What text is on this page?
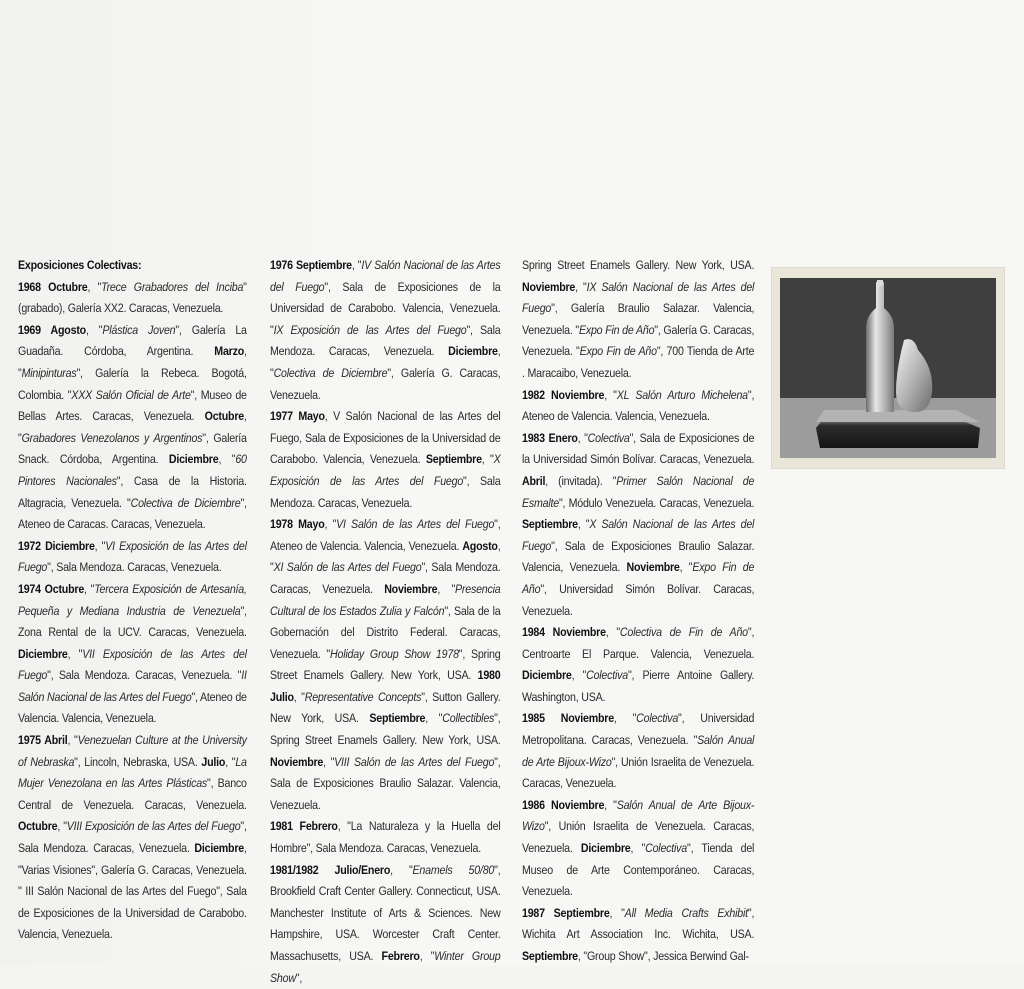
Exposiciones Colectivas:

1968 Octubre, "Trece Grabadores del Inciba" (grabado), Galería XX2. Caracas, Venezuela.
1969 Agosto, "Plástica Joven", Galería La Guadaña. Córdoba, Argentina. Marzo, "Minipinturas", Galería la Rebeca. Bogotá, Colombia. "XXX Salón Oficial de Arte", Museo de Bellas Artes. Caracas, Venezuela. Octubre, "Grabadores Venezolanos y Argentinos", Galería Snack. Córdoba, Argentina. Diciembre, "60 Pintores Nacionales", Casa de la Historia. Altagracia, Venezuela. "Colectiva de Diciembre", Ateneo de Caracas. Caracas, Venezuela.
1972 Diciembre, "VI Exposición de las Artes del Fuego", Sala Mendoza. Caracas, Venezuela.
1974 Octubre, "Tercera Exposición de Artesanía, Pequeña y Mediana Industria de Venezuela", Zona Rental de la UCV. Caracas, Venezuela. Diciembre, "VII Exposición de las Artes del Fuego", Sala Mendoza. Caracas, Venezuela. "II Salón Nacional de las Artes del Fuego", Ateneo de Valencia. Valencia, Venezuela.
1975 Abril, "Venezuelan Culture at the University of Nebraska", Lincoln, Nebraska, USA. Julio, "La Mujer Venezolana en las Artes Plásticas", Banco Central de Venezuela. Caracas, Venezuela. Octubre, "VIII Exposición de las Artes del Fuego", Sala Mendoza. Caracas, Venezuela. Diciembre, "Varias Visiones", Galería G. Caracas, Venezuela. " III Salón Nacional de las Artes del Fuego", Sala de Exposiciones de la Universidad de Carabobo. Valencia, Venezuela.

1976 Septiembre, "IV Salón Nacional de las Artes del Fuego", Sala de Exposiciones de la Universidad de Carabobo. Valencia, Venezuela. "IX Exposición de las Artes del Fuego", Sala Mendoza. Caracas, Venezuela. Diciembre, "Colectiva de Diciembre", Galería G. Caracas, Venezuela.
1977 Mayo, V Salón Nacional de las Artes del Fuego, Sala de Exposiciones de la Universidad de Carabobo. Valencia, Venezuela. Septiembre, "X Exposición de las Artes del Fuego", Sala Mendoza. Caracas, Venezuela.
1978 Mayo, "VI Salón de las Artes del Fuego", Ateneo de Valencia. Valencia, Venezuela. Agosto, "XI Salón de las Artes del Fuego", Sala Mendoza. Caracas, Venezuela. Noviembre, "Presencia Cultural de los Estados Zulia y Falcón", Sala de la Gobernación del Distrito Federal. Caracas, Venezuela. "Holiday Group Show 1978", Spring Street Enamels Gallery. New York, USA. 1980 Julio, "Representative Concepts", Sutton Gallery. New York, USA. Septiembre, "Collectibles", Spring Street Enamels Gallery. New York, USA. Noviembre, "VIII Salón de las Artes del Fuego", Sala de Exposiciones Braulio Salazar. Valencia, Venezuela.
1981 Febrero, "La Naturaleza y la Huella del Hombre", Sala Mendoza. Caracas, Venezuela.
1981/1982 Julio/Enero, "Enamels 50/80", Brookfield Craft Center Gallery. Connecticut, USA. Manchester Institute of Arts & Sciences. New Hampshire, USA. Worcester Craft Center. Massachusetts, USA. Febrero, "Winter Group Show",

Spring Street Enamels Gallery. New York, USA. Noviembre, "IX Salón Nacional de las Artes del Fuego", Galería Braulio Salazar. Valencia, Venezuela. "Expo Fin de Año", Galería G. Caracas, Venezuela. "Expo Fin de Año", 700 Tienda de Arte . Maracaibo, Venezuela.
1982 Noviembre, "XL Salón Arturo Michelena", Ateneo de Valencia. Valencia, Venezuela.
1983 Enero, "Colectiva", Sala de Exposiciones de la Universidad Simón Bolívar. Caracas, Venezuela. Abril, (invitada). "Primer Salón Nacional de Esmalte", Módulo Venezuela. Caracas, Venezuela. Septiembre, "X Salón Nacional de las Artes del Fuego", Sala de Exposiciones Braulio Salazar. Valencia, Venezuela. Noviembre, "Expo Fin de Año", Universidad Simón Bolívar. Caracas, Venezuela.
1984 Noviembre, "Colectiva de Fin de Año", Centroarte El Parque. Valencia, Venezuela. Diciembre, "Colectiva", Pierre Antoine Gallery. Washington, USA.
1985 Noviembre, "Colectiva", Universidad Metropolitana. Caracas, Venezuela. "Salón Anual de Arte Bijoux-Wizo", Unión Israelita de Venezuela. Caracas, Venezuela.
1986 Noviembre, "Salón Anual de Arte Bijoux-Wizo", Unión Israelita de Venezuela. Caracas, Venezuela. Diciembre, "Colectiva", Tienda del Museo de Arte Contemporáneo. Caracas, Venezuela.
1987 Septiembre, "All Media Crafts Exhibit", Wichita Art Association Inc. Wichita, USA. Septiembre, "Group Show", Jessica Berwind Gal-
